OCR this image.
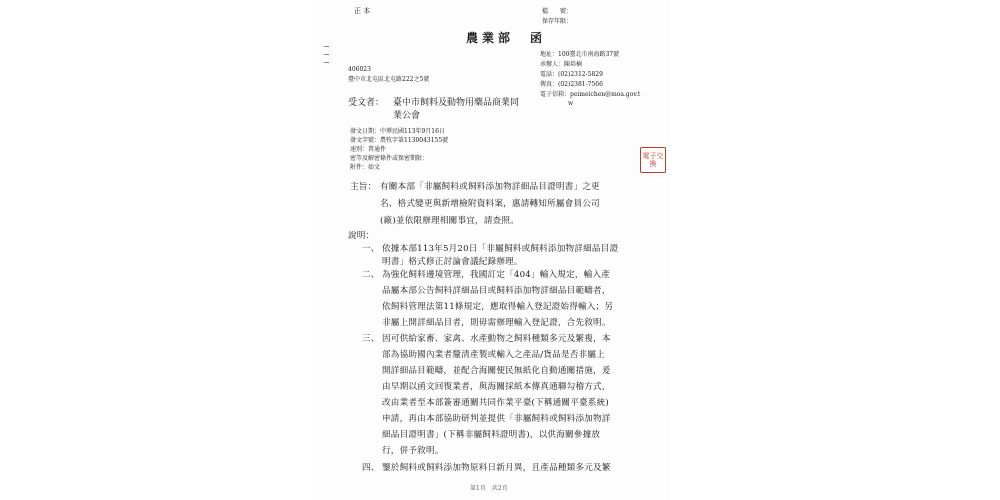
正 本	檔　　號：
保存年限：
農業部　函
地址：100臺北市南海路37號
承辦人：陳培楠
電話：(02)2312-5829
傳真：(02)2381-7566
電子信箱：peimeichen@moa.gov.t
w
406023
臺中市北屯區北屯路222之5號
受文者： 臺中市飼料及動物用藥品商業同
業公會
發文日期：中華民國113年9月16日
發文字號：農牧字第1130043155號
速別：普通件
密等及解密條件或保密期限：
附件：如文
電子交換
主旨： 有關本部「非屬飼料或飼料添加物詳細品目證明書」之更
名、格式變更與新增檢附資料案，惠請轉知所屬會員公司
(廠)並依限辦理相關事宜，請查照。
說明：
一、 依據本部113年5月20日「非屬飼料或飼料添加物詳細品目證
明書」格式修正討論會議紀錄辦理。
二、 為強化飼料邊境管理，我國訂定「404」輸入規定，輸入產
品屬本部公告飼料詳細品目或飼料添加物詳細品目範疇者，
依飼料管理法第11條規定，應取得輸入登記證始得輸入；另
非屬上開詳細品目者，則毋需辦理輸入登記證，合先敘明。
三、 因可供給家畜、家禽、水產動物之飼料種類多元及繁複，本
部為協助國內業者釐清產製或輸入之產品/貨品是否非屬上
開詳細品目範疇，並配合海關便民無紙化自動通關措施，爰
由早期以函文回復業者，與海關採紙本傳真通聯勾稽方式，
改由業者至本部簽審通關共同作業平臺(下稱通關平臺系統)
申請，再由本部協助研判並提供「非屬飼料或飼料添加物詳
細品目證明書」(下稱非屬飼料證明書)，以供海關參據放
行，併予敘明。
四、 鑒於飼料或飼料添加物原料日新月異，且產品種類多元及繁
第1頁　共2頁
